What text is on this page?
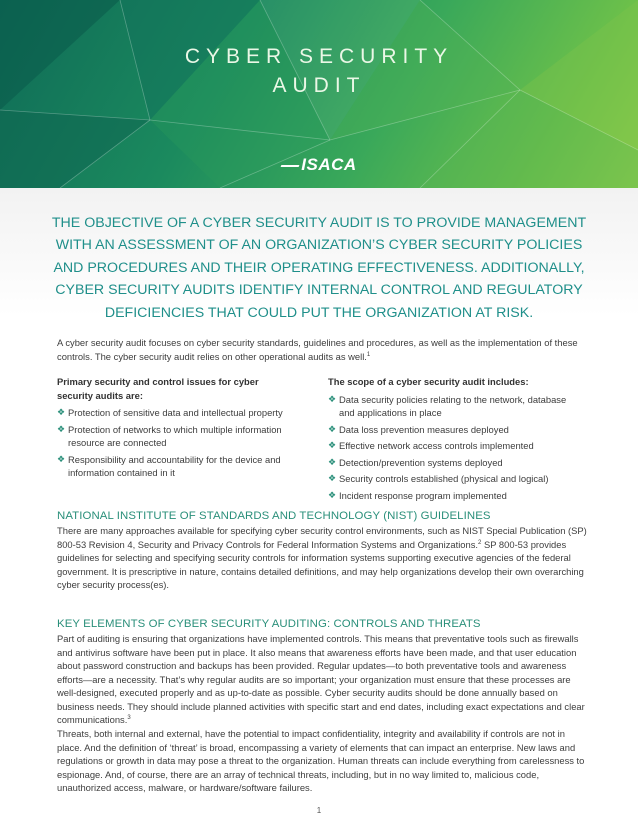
CYBER SECURITY
AUDIT
ISACA
THE OBJECTIVE OF A CYBER SECURITY AUDIT IS TO PROVIDE MANAGEMENT WITH AN ASSESSMENT OF AN ORGANIZATION’S CYBER SECURITY POLICIES AND PROCEDURES AND THEIR OPERATING EFFECTIVENESS. ADDITIONALLY, CYBER SECURITY AUDITS IDENTIFY INTERNAL CONTROL AND REGULATORY DEFICIENCIES THAT COULD PUT THE ORGANIZATION AT RISK.
A cyber security audit focuses on cyber security standards, guidelines and procedures, as well as the implementation of these controls. The cyber security audit relies on other operational audits as well.$^1$
Primary security and control issues for cyber security audits are:
❖ Protection of sensitive data and intellectual property
❖ Protection of networks to which multiple information resource are connected
❖ Responsibility and accountability for the device and information contained in it
The scope of a cyber security audit includes:
❖ Data security policies relating to the network, database and applications in place
❖ Data loss prevention measures deployed
❖ Effective network access controls implemented
❖ Detection/prevention systems deployed
❖ Security controls established (physical and logical)
❖ Incident response program implemented
NATIONAL INSTITUTE OF STANDARDS AND TECHNOLOGY (NIST) GUIDELINES
There are many approaches available for specifying cyber security control environments, such as NIST Special Publication (SP) 800-53 Revision 4, Security and Privacy Controls for Federal Information Systems and Organizations.$^2$ SP 800-53 provides guidelines for selecting and specifying security controls for information systems supporting executive agencies of the federal government. It is prescriptive in nature, contains detailed definitions, and may help organizations develop their own overarching cyber security process(es).
KEY ELEMENTS OF CYBER SECURITY AUDITING: CONTROLS AND THREATS
Part of auditing is ensuring that organizations have implemented controls. This means that preventative tools such as firewalls and antivirus software have been put in place. It also means that awareness efforts have been made, and that user education about password construction and backups has been provided. Regular updates—to both preventative tools and awareness efforts—are a necessity. That’s why regular audits are so important; your organization must ensure that these processes are well-designed, executed properly and as up-to-date as possible. Cyber security audits should be done annually based on business needs. They should include planned activities with specific start and end dates, including exact expectations and clear communications.$^3$
Threats, both internal and external, have the potential to impact confidentiality, integrity and availability if controls are not in place. And the definition of ‘threat’ is broad, encompassing a variety of elements that can impact an enterprise. New laws and regulations or growth in data may pose a threat to the organization. Human threats can include everything from carelessness to espionage. And, of course, there are an array of technical threats, including, but in no way limited to, malicious code, unauthorized access, malware, or hardware/software failures.
1
